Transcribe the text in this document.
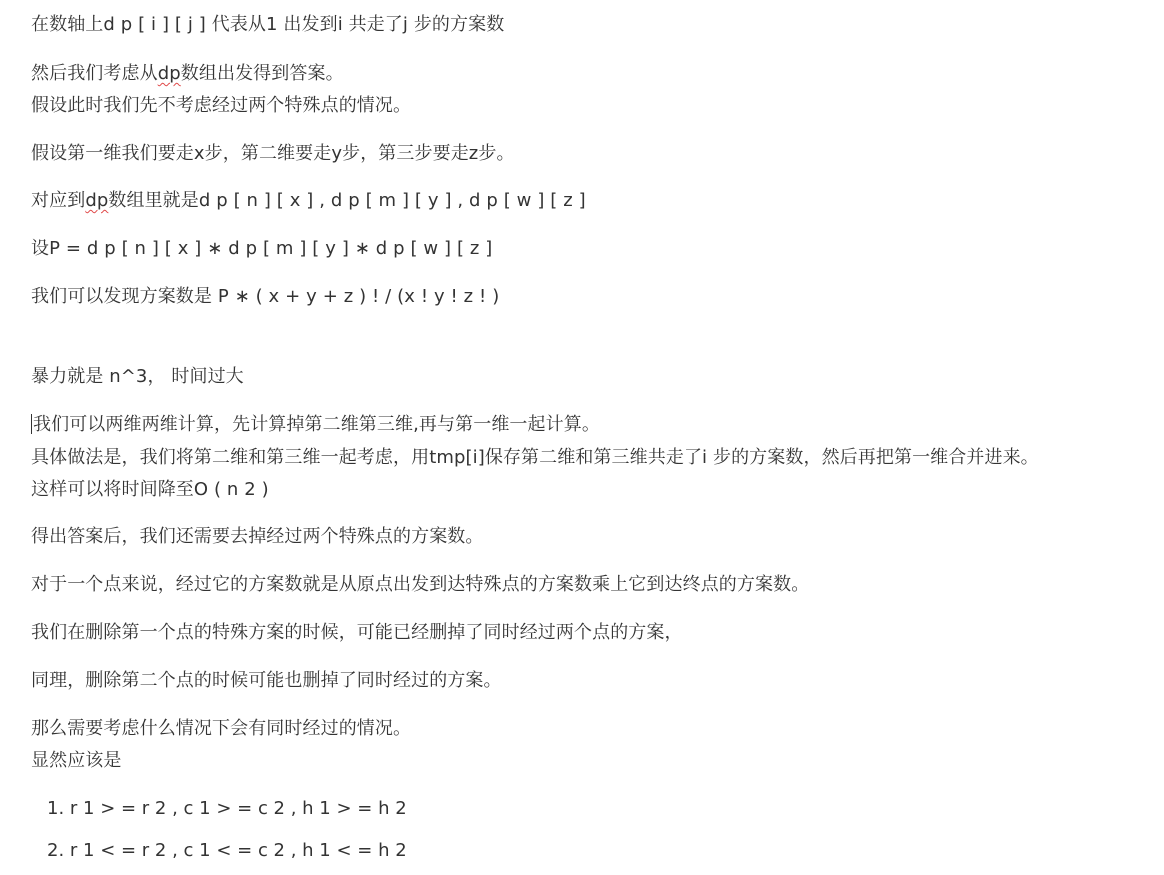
在数轴上d p [ i ] [ j ] 代表从1 出发到i 共走了j 步的方案数
然后我们考虑从dp数组出发得到答案。
假设此时我们先不考虑经过两个特殊点的情况。
假设第一维我们要走x步，第二维要走y步，第三步要走z步。
对应到dp数组里就是d p [ n ] [ x ] , d p [ m ] [ y ] , d p [ w ] [ z ]
设P = d p [ n ] [ x ] ∗ d p [ m ] [ y ] ∗ d p [ w ] [ z ]
我们可以发现方案数是 P ∗ ( x + y + z ) ! / (x ! y ! z ! )
暴力就是 n^3， 时间过大
我们可以两维两维计算，先计算掉第二维第三维,再与第一维一起计算。
具体做法是，我们将第二维和第三维一起考虑，用tmp[i]保存第二维和第三维共走了i 步的方案数，然后再把第一维合并进来。
这样可以将时间降至O ( n 2 )
得出答案后，我们还需要去掉经过两个特殊点的方案数。
对于一个点来说，经过它的方案数就是从原点出发到达特殊点的方案数乘上它到达终点的方案数。
我们在删除第一个点的特殊方案的时候，可能已经删掉了同时经过两个点的方案，
同理，删除第二个点的时候可能也删掉了同时经过的方案。
那么需要考虑什么情况下会有同时经过的情况。
显然应该是
1. r 1 > = r 2 , c 1 > = c 2 , h 1 > = h 2
2. r 1 < = r 2 , c 1 < = c 2 , h 1 < = h 2
